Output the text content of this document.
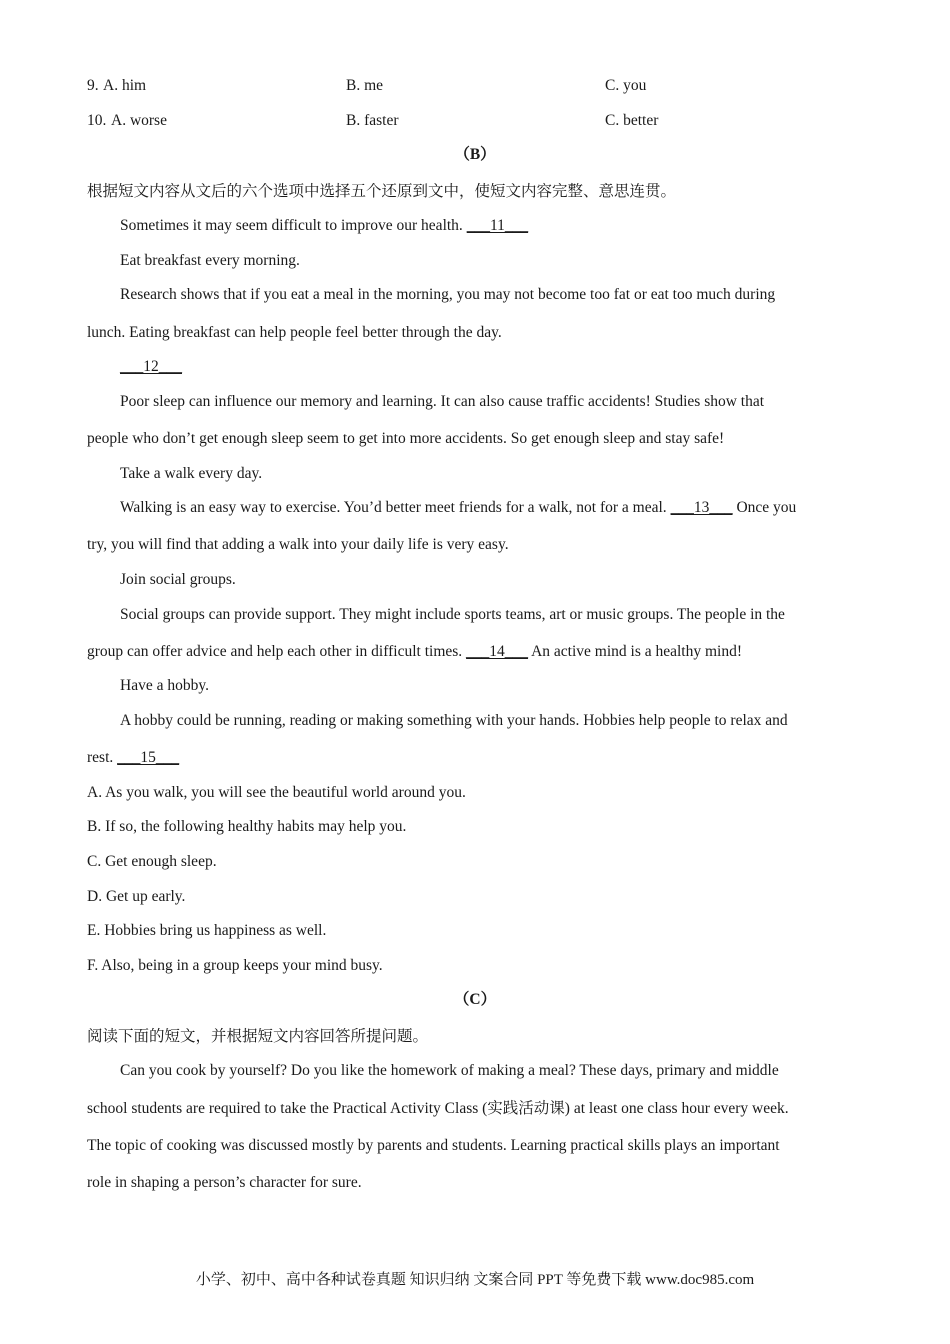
9. A. him	B. me	C. you
10. A. worse	B. faster	C. better
（B）
根据短文内容从文后的六个选项中选择五个还原到文中，使短文内容完整、意思连贯。
Sometimes it may seem difficult to improve our health. ___11___
Eat breakfast every morning.
Research shows that if you eat a meal in the morning, you may not become too fat or eat too much during
lunch. Eating breakfast can help people feel better through the day.
___12___
Poor sleep can influence our memory and learning. It can also cause traffic accidents! Studies show that
people who don’t get enough sleep seem to get into more accidents. So get enough sleep and stay safe!
Take a walk every day.
Walking is an easy way to exercise. You’d better meet friends for a walk, not for a meal. ___13___ Once you
try, you will find that adding a walk into your daily life is very easy.
Join social groups.
Social groups can provide support. They might include sports teams, art or music groups. The people in the
group can offer advice and help each other in difficult times. ___14___ An active mind is a healthy mind!
Have a hobby.
A hobby could be running, reading or making something with your hands. Hobbies help people to relax and
rest. ___15___
A. As you walk, you will see the beautiful world around you.
B. If so, the following healthy habits may help you.
C. Get enough sleep.
D. Get up early.
E. Hobbies bring us happiness as well.
F. Also, being in a group keeps your mind busy.
（C）
阅读下面的短文，并根据短文内容回答所提问题。
Can you cook by yourself? Do you like the homework of making a meal? These days, primary and middle
school students are required to take the Practical Activity Class (实践活动课) at least one class hour every week.
The topic of cooking was discussed mostly by parents and students. Learning practical skills plays an important
role in shaping a person’s character for sure.
小学、初中、高中各种试卷真题 知识归纳 文案合同 PPT 等免费下载 www.doc985.com
